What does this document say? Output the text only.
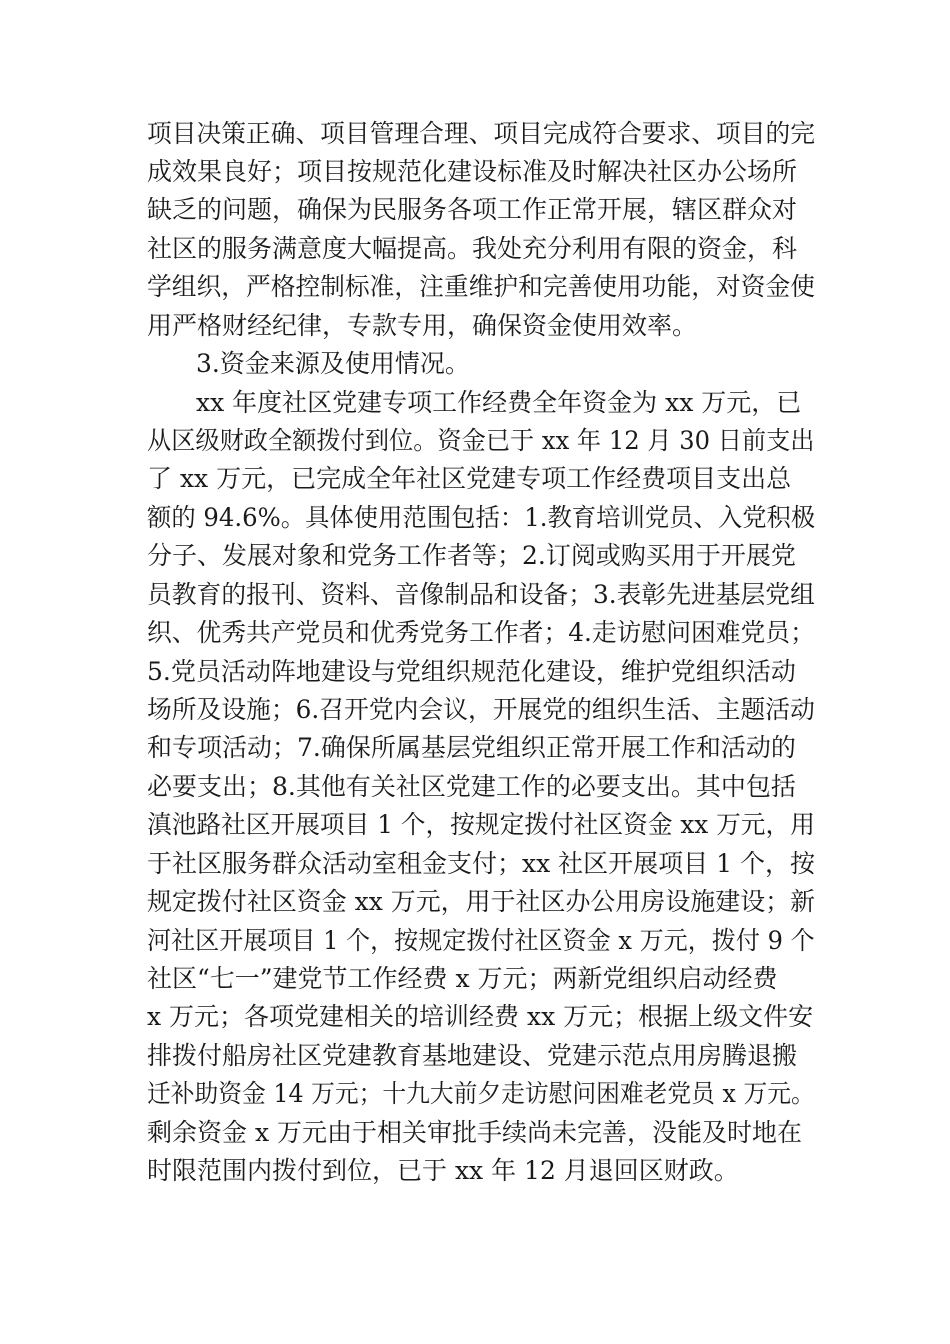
项目决策正确、项目管理合理、项目完成符合要求、项目的完
成效果良好；项目按规范化建设标准及时解决社区办公场所
缺乏的问题，确保为民服务各项工作正常开展，辖区群众对
社区的服务满意度大幅提高。我处充分利用有限的资金，科
学组织，严格控制标准，注重维护和完善使用功能，对资金使
用严格财经纪律，专款专用，确保资金使用效率。
3.资金来源及使用情况。
xx 年度社区党建专项工作经费全年资金为 xx 万元，已
从区级财政全额拨付到位。资金已于 xx 年 12 月 30 日前支出
了 xx 万元，已完成全年社区党建专项工作经费项目支出总
额的 94.6%。具体使用范围包括：1.教育培训党员、入党积极
分子、发展对象和党务工作者等；2.订阅或购买用于开展党
员教育的报刊、资料、音像制品和设备；3.表彰先进基层党组
织、优秀共产党员和优秀党务工作者；4.走访慰问困难党员；
5.党员活动阵地建设与党组织规范化建设，维护党组织活动
场所及设施；6.召开党内会议，开展党的组织生活、主题活动
和专项活动；7.确保所属基层党组织正常开展工作和活动的
必要支出；8.其他有关社区党建工作的必要支出。其中包括
滇池路社区开展项目 1 个，按规定拨付社区资金 xx 万元，用
于社区服务群众活动室租金支付；xx 社区开展项目 1 个，按
规定拨付社区资金 xx 万元，用于社区办公用房设施建设；新
河社区开展项目 1 个，按规定拨付社区资金 x 万元，拨付 9 个
社区“七一”建党节工作经费 x 万元；两新党组织启动经费
x 万元；各项党建相关的培训经费 xx 万元；根据上级文件安
排拨付船房社区党建教育基地建设、党建示范点用房腾退搬
迁补助资金 14 万元；十九大前夕走访慰问困难老党员 x 万元。
剩余资金 x 万元由于相关审批手续尚未完善，没能及时地在
时限范围内拨付到位，已于 xx 年 12 月退回区财政。
